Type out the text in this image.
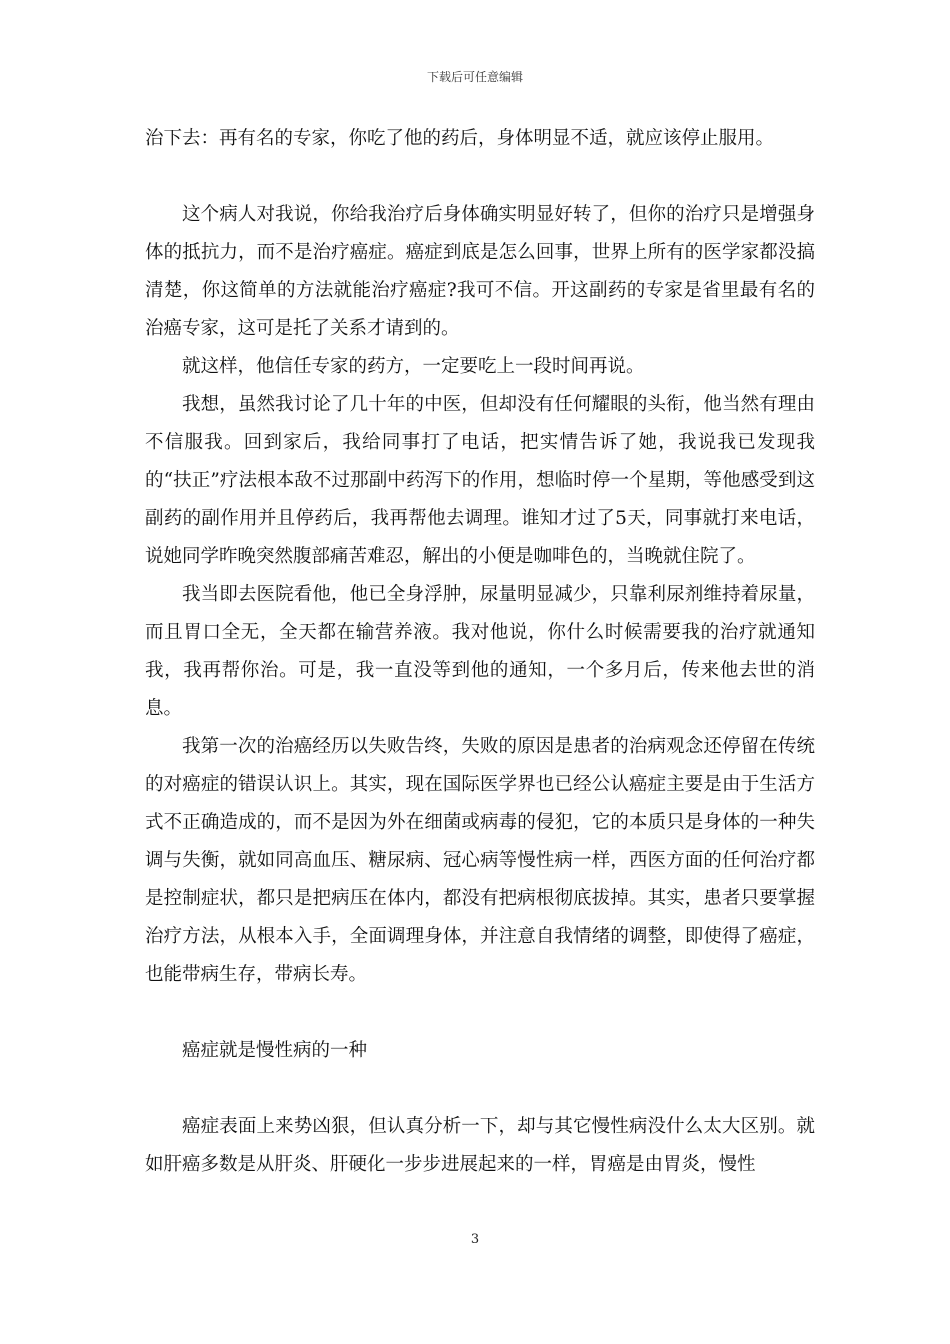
下载后可任意编辑

治下去：再有名的专家，你吃了他的药后，身体明显不适，就应该停止服用。

这个病人对我说，你给我治疗后身体确实明显好转了，但你的治疗只是增强身体的抵抗力，而不是治疗癌症。癌症到底是怎么回事，世界上所有的医学家都没搞清楚，你这简单的方法就能治疗癌症?我可不信。开这副药的专家是省里最有名的治癌专家，这可是托了关系才请到的。

就这样，他信任专家的药方，一定要吃上一段时间再说。

我想，虽然我讨论了几十年的中医，但却没有任何耀眼的头衔，他当然有理由不信服我。回到家后，我给同事打了电话，把实情告诉了她，我说我已发现我的“扶正”疗法根本敌不过那副中药泻下的作用，想临时停一个星期，等他感受到这副药的副作用并且停药后，我再帮他去调理。谁知才过了5天，同事就打来电话，说她同学昨晚突然腹部痛苦难忍，解出的小便是咖啡色的，当晚就住院了。

我当即去医院看他，他已全身浮肿，尿量明显减少，只靠利尿剂维持着尿量，而且胃口全无，全天都在输营养液。我对他说，你什么时候需要我的治疗就通知我，我再帮你治。可是，我一直没等到他的通知，一个多月后，传来他去世的消息。

我第一次的治癌经历以失败告终，失败的原因是患者的治病观念还停留在传统的对癌症的错误认识上。其实，现在国际医学界也已经公认癌症主要是由于生活方式不正确造成的，而不是因为外在细菌或病毒的侵犯，它的本质只是身体的一种失调与失衡，就如同高血压、糖尿病、冠心病等慢性病一样，西医方面的任何治疗都是控制症状，都只是把病压在体内，都没有把病根彻底拔掉。其实，患者只要掌握治疗方法，从根本入手，全面调理身体，并注意自我情绪的调整，即使得了癌症，也能带病生存，带病长寿。

癌症就是慢性病的一种

癌症表面上来势凶狠，但认真分析一下，却与其它慢性病没什么太大区别。就如肝癌多数是从肝炎、肝硬化一步步进展起来的一样，胃癌是由胃炎，慢性

3
